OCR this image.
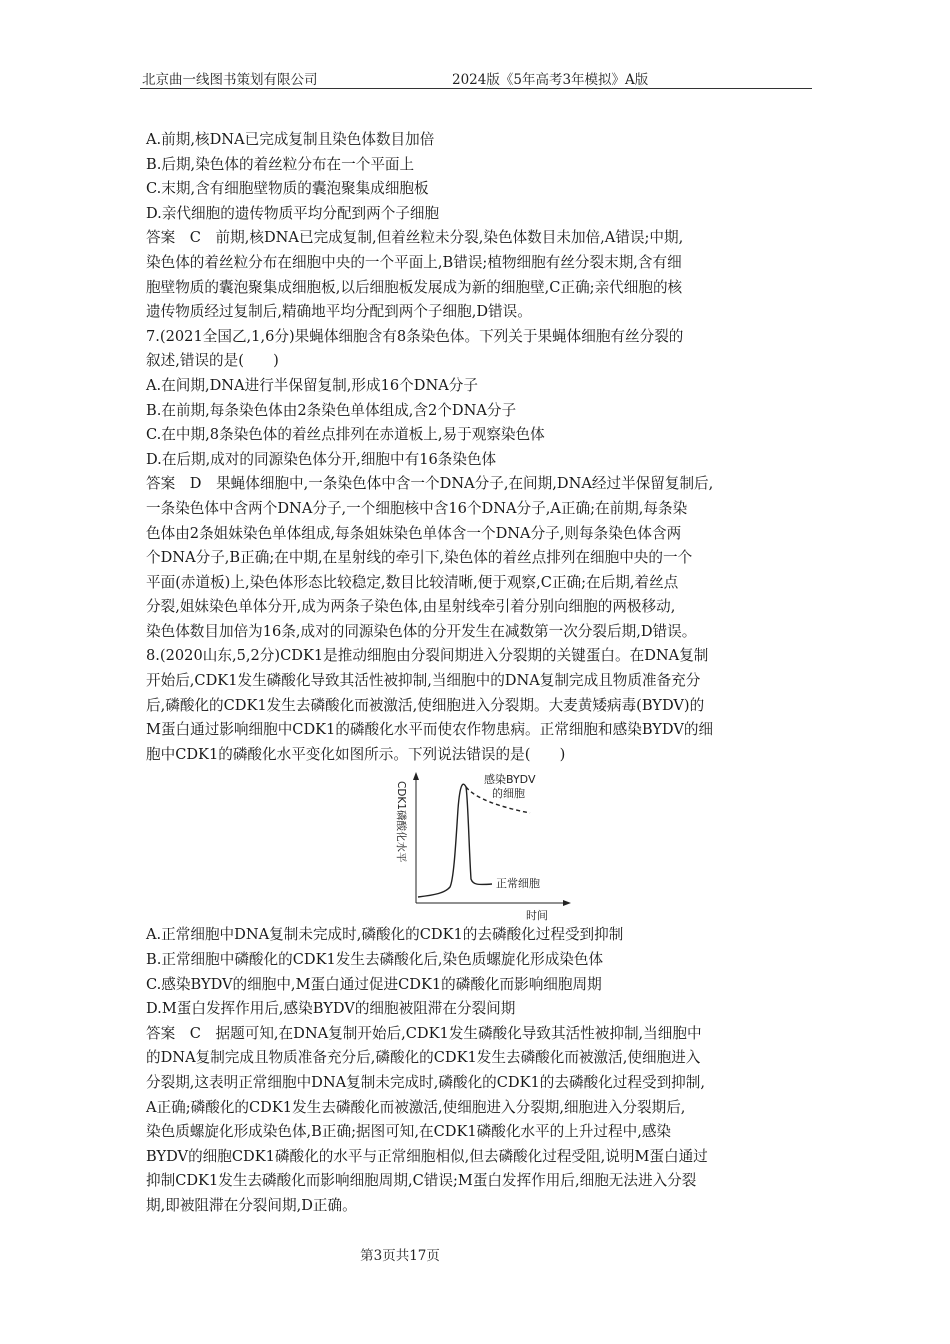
北京曲一线图书策划有限公司	2024版《5年高考3年模拟》A版
A.前期,核DNA已完成复制且染色体数目加倍
B.后期,染色体的着丝粒分布在一个平面上
C.末期,含有细胞壁物质的囊泡聚集成细胞板
D.亲代细胞的遗传物质平均分配到两个子细胞
答案　C　前期,核DNA已完成复制,但着丝粒未分裂,染色体数目未加倍,A错误;中期,
染色体的着丝粒分布在细胞中央的一个平面上,B错误;植物细胞有丝分裂末期,含有细
胞壁物质的囊泡聚集成细胞板,以后细胞板发展成为新的细胞壁,C正确;亲代细胞的核
遗传物质经过复制后,精确地平均分配到两个子细胞,D错误。
7.(2021全国乙,1,6分)果蝇体细胞含有8条染色体。下列关于果蝇体细胞有丝分裂的
叙述,错误的是(　　)
A.在间期,DNA进行半保留复制,形成16个DNA分子
B.在前期,每条染色体由2条染色单体组成,含2个DNA分子
C.在中期,8条染色体的着丝点排列在赤道板上,易于观察染色体
D.在后期,成对的同源染色体分开,细胞中有16条染色体
答案　D　果蝇体细胞中,一条染色体中含一个DNA分子,在间期,DNA经过半保留复制后,
一条染色体中含两个DNA分子,一个细胞核中含16个DNA分子,A正确;在前期,每条染
色体由2条姐妹染色单体组成,每条姐妹染色单体含一个DNA分子,则每条染色体含两
个DNA分子,B正确;在中期,在星射线的牵引下,染色体的着丝点排列在细胞中央的一个
平面(赤道板)上,染色体形态比较稳定,数目比较清晰,便于观察,C正确;在后期,着丝点
分裂,姐妹染色单体分开,成为两条子染色体,由星射线牵引着分别向细胞的两极移动,
染色体数目加倍为16条,成对的同源染色体的分开发生在减数第一次分裂后期,D错误。
8.(2020山东,5,2分)CDK1是推动细胞由分裂间期进入分裂期的关键蛋白。在DNA复制
开始后,CDK1发生磷酸化导致其活性被抑制,当细胞中的DNA复制完成且物质准备充分
后,磷酸化的CDK1发生去磷酸化而被激活,使细胞进入分裂期。大麦黄矮病毒(BYDV)的
M蛋白通过影响细胞中CDK1的磷酸化水平而使农作物患病。正常细胞和感染BYDV的细
胞中CDK1的磷酸化水平变化如图所示。下列说法错误的是(　　)
感染BYDV
的细胞
正常细胞
时间
CDK1磷酸化水平
A.正常细胞中DNA复制未完成时,磷酸化的CDK1的去磷酸化过程受到抑制
B.正常细胞中磷酸化的CDK1发生去磷酸化后,染色质螺旋化形成染色体
C.感染BYDV的细胞中,M蛋白通过促进CDK1的磷酸化而影响细胞周期
D.M蛋白发挥作用后,感染BYDV的细胞被阻滞在分裂间期
答案　C　据题可知,在DNA复制开始后,CDK1发生磷酸化导致其活性被抑制,当细胞中
的DNA复制完成且物质准备充分后,磷酸化的CDK1发生去磷酸化而被激活,使细胞进入
分裂期,这表明正常细胞中DNA复制未完成时,磷酸化的CDK1的去磷酸化过程受到抑制,
A正确;磷酸化的CDK1发生去磷酸化而被激活,使细胞进入分裂期,细胞进入分裂期后,
染色质螺旋化形成染色体,B正确;据图可知,在CDK1磷酸化水平的上升过程中,感染
BYDV的细胞CDK1磷酸化的水平与正常细胞相似,但去磷酸化过程受阻,说明M蛋白通过
抑制CDK1发生去磷酸化而影响细胞周期,C错误;M蛋白发挥作用后,细胞无法进入分裂
期,即被阻滞在分裂间期,D正确。
第3页共17页
